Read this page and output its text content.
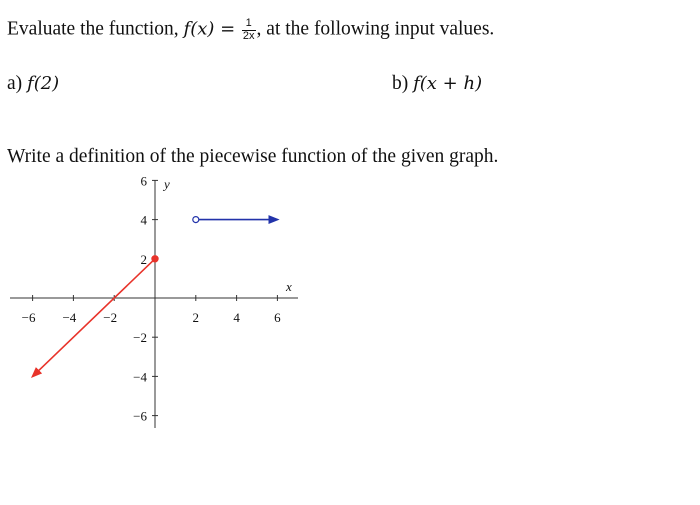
Evaluate the function, $f(x) = \frac{1}{2x}$ , at the following input values.
a) f(2)	b) f(x + h)
Write a definition of the piecewise function of the given graph.
−6 −4 −2	2	4	6
6
4
2
−2
−4
−6
x
y
